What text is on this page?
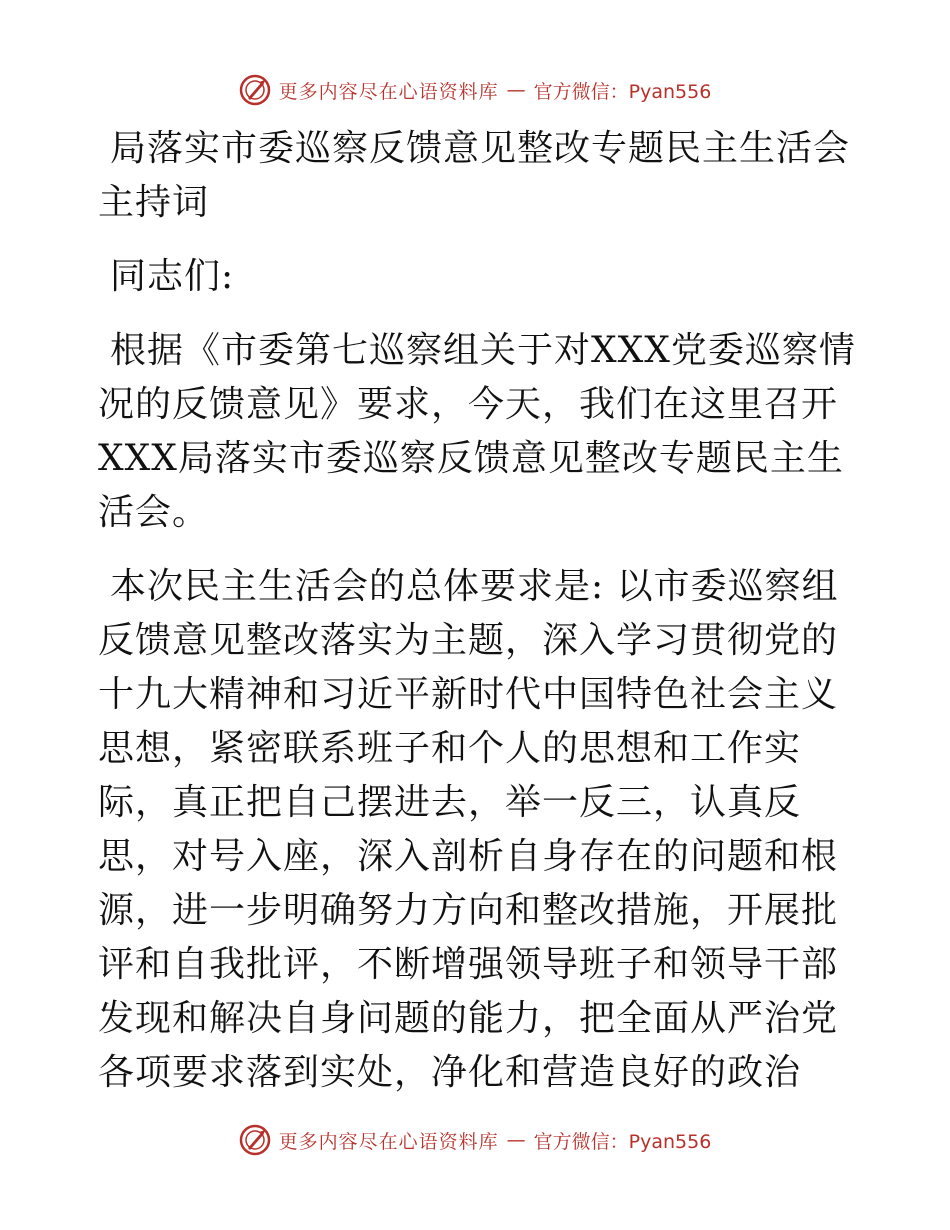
更多内容尽在心语资料库 — 官方微信：Pyan556

局落实市委巡察反馈意见整改专题民主生活会主持词

同志们:

根据《市委第七巡察组关于对XXX党委巡察情况的反馈意见》要求，今天，我们在这里召开XXX局落实市委巡察反馈意见整改专题民主生活会。

本次民主生活会的总体要求是: 以市委巡察组反馈意见整改落实为主题，深入学习贯彻党的十九大精神和习近平新时代中国特色社会主义思想，紧密联系班子和个人的思想和工作实际，真正把自己摆进去，举一反三，认真反思，对号入座，深入剖析自身存在的问题和根源，进一步明确努力方向和整改措施，开展批评和自我批评，不断增强领导班子和领导干部发现和解决自身问题的能力，把全面从严治党各项要求落到实处，净化和营造良好的政治

更多内容尽在心语资料库 — 官方微信：Pyan556
